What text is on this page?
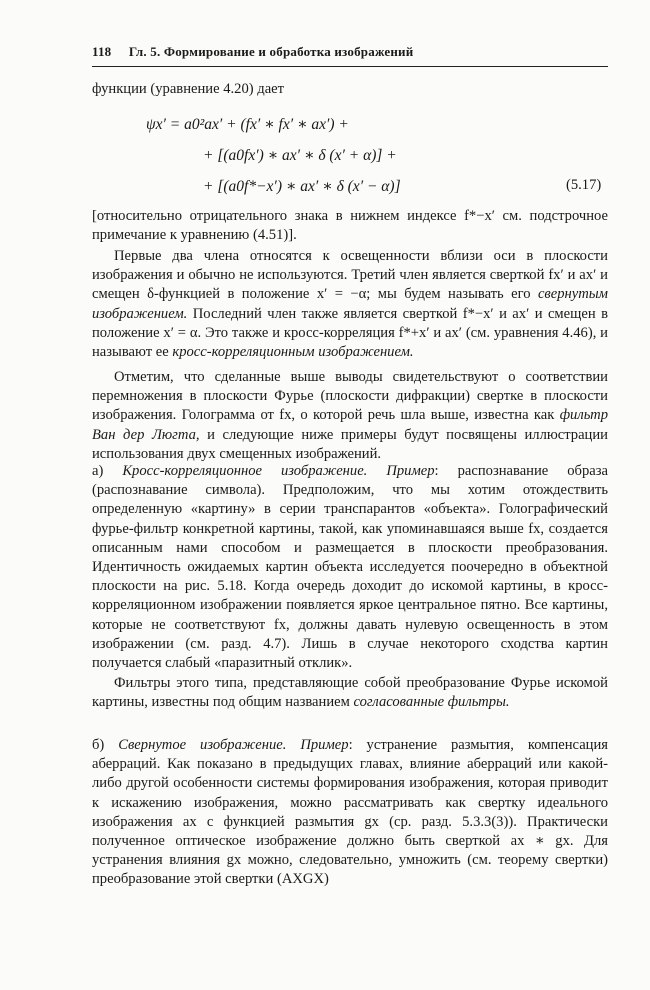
118 Гл. 5. Формирование и обработка изображений
функции (уравнение 4.20) дает
ψx′ = a0²ax′ + (fx′ ∗ fx′ ∗ ax′) +
+ [(a0fx′) ∗ ax′ ∗ δ (x′ + α)] +
+ [(a0f*−x′) ∗ ax′ ∗ δ (x′ − α)]	(5.17)
[относительно отрицательного знака в нижнем индексе f*−x′ см. подстрочное примечание к уравнению (4.51)].
Первые два члена относятся к освещенности вблизи оси в плоскости изображения и обычно не используются. Третий член является сверткой fx′ и ax′ и смещен δ-функцией в положение x′ = −α; мы будем называть его свернутым изображением. Последний член также является сверткой f*−x′ и ax′ и смещен в положение x′ = α. Это также и кросс-корреляция f*+x′ и ax′ (см. уравнения 4.46), и называют ее кросс-корреляционным изображением.
Отметим, что сделанные выше выводы свидетельствуют о соответствии перемножения в плоскости Фурье (плоскости дифракции) свертке в плоскости изображения. Голограмма от fx, о которой речь шла выше, известна как фильтр Ван дер Люгта, и следующие ниже примеры будут посвящены иллюстрации использования двух смещенных изображений.
а) Кросс-корреляционное изображение. Пример: распознавание образа (распознавание символа). Предположим, что мы хотим отождествить определенную «картину» в серии транспарантов «объекта». Голографический фурье-фильтр конкретной картины, такой, как упоминавшаяся выше fx, создается описанным нами способом и размещается в плоскости преобразования. Идентичность ожидаемых картин объекта исследуется поочередно в объектной плоскости на рис. 5.18. Когда очередь доходит до искомой картины, в кросс-корреляционном изображении появляется яркое центральное пятно. Все картины, которые не соответствуют fx, должны давать нулевую освещенность в этом изображении (см. разд. 4.7). Лишь в случае некоторого сходства картин получается слабый «паразитный отклик».
Фильтры этого типа, представляющие собой преобразование Фурье искомой картины, известны под общим названием согласованные фильтры.
б) Свернутое изображение. Пример: устранение размытия, компенсация аберраций. Как показано в предыдущих главах, влияние аберраций или какой-либо другой особенности системы формирования изображения, которая приводит к искажению изображения, можно рассматривать как свертку идеального изображения ax с функцией размытия gx (ср. разд. 5.3.3(3)). Практически полученное оптическое изображение должно быть сверткой ax ∗ gx. Для устранения влияния gx можно, следовательно, умножить (см. теорему свертки) преобразование этой свертки (AXGX)
